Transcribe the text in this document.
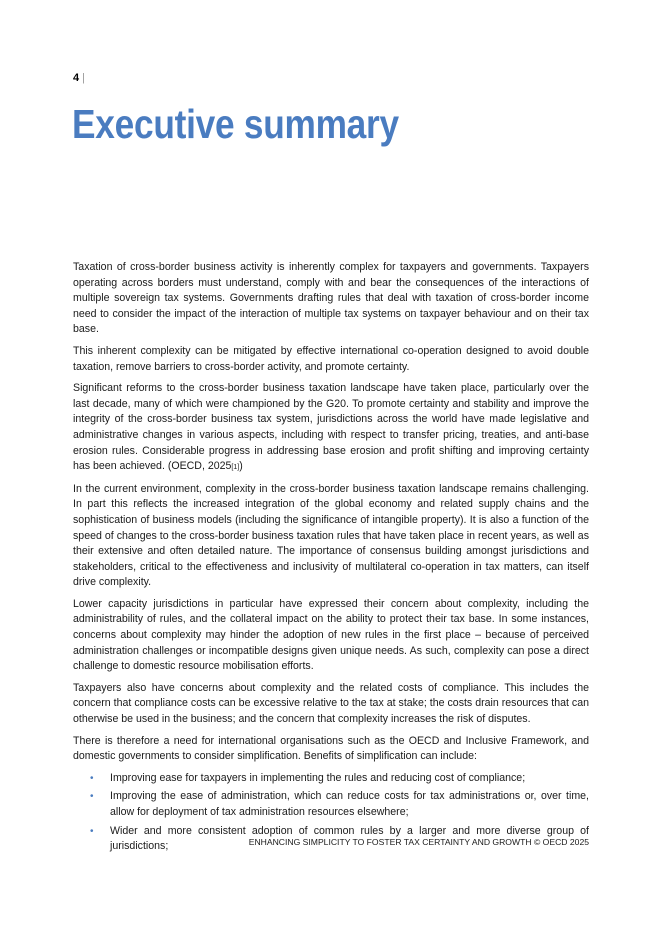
4 |
Executive summary

Taxation of cross-border business activity is inherently complex for taxpayers and governments. Taxpayers operating across borders must understand, comply with and bear the consequences of the interactions of multiple sovereign tax systems. Governments drafting rules that deal with taxation of cross-border income need to consider the impact of the interaction of multiple tax systems on taxpayer behaviour and on their tax base.

This inherent complexity can be mitigated by effective international co-operation designed to avoid double taxation, remove barriers to cross-border activity, and promote certainty.

Significant reforms to the cross-border business taxation landscape have taken place, particularly over the last decade, many of which were championed by the G20. To promote certainty and stability and improve the integrity of the cross-border business tax system, jurisdictions across the world have made legislative and administrative changes in various aspects, including with respect to transfer pricing, treaties, and anti-base erosion rules. Considerable progress in addressing base erosion and profit shifting and improving certainty has been achieved. (OECD, 2025[1])

In the current environment, complexity in the cross-border business taxation landscape remains challenging. In part this reflects the increased integration of the global economy and related supply chains and the sophistication of business models (including the significance of intangible property). It is also a function of the speed of changes to the cross-border business taxation rules that have taken place in recent years, as well as their extensive and often detailed nature. The importance of consensus building amongst jurisdictions and stakeholders, critical to the effectiveness and inclusivity of multilateral co-operation in tax matters, can itself drive complexity.

Lower capacity jurisdictions in particular have expressed their concern about complexity, including the administrability of rules, and the collateral impact on the ability to protect their tax base. In some instances, concerns about complexity may hinder the adoption of new rules in the first place – because of perceived administration challenges or incompatible designs given unique needs. As such, complexity can pose a direct challenge to domestic resource mobilisation efforts.

Taxpayers also have concerns about complexity and the related costs of compliance. This includes the concern that compliance costs can be excessive relative to the tax at stake; the costs drain resources that can otherwise be used in the business; and the concern that complexity increases the risk of disputes.

There is therefore a need for international organisations such as the OECD and Inclusive Framework, and domestic governments to consider simplification. Benefits of simplification can include:

• Improving ease for taxpayers in implementing the rules and reducing cost of compliance;
• Improving the ease of administration, which can reduce costs for tax administrations or, over time, allow for deployment of tax administration resources elsewhere;
• Wider and more consistent adoption of common rules by a larger and more diverse group of jurisdictions;	ENHANCING SIMPLICITY TO FOSTER TAX CERTAINTY AND GROWTH © OECD 2025
